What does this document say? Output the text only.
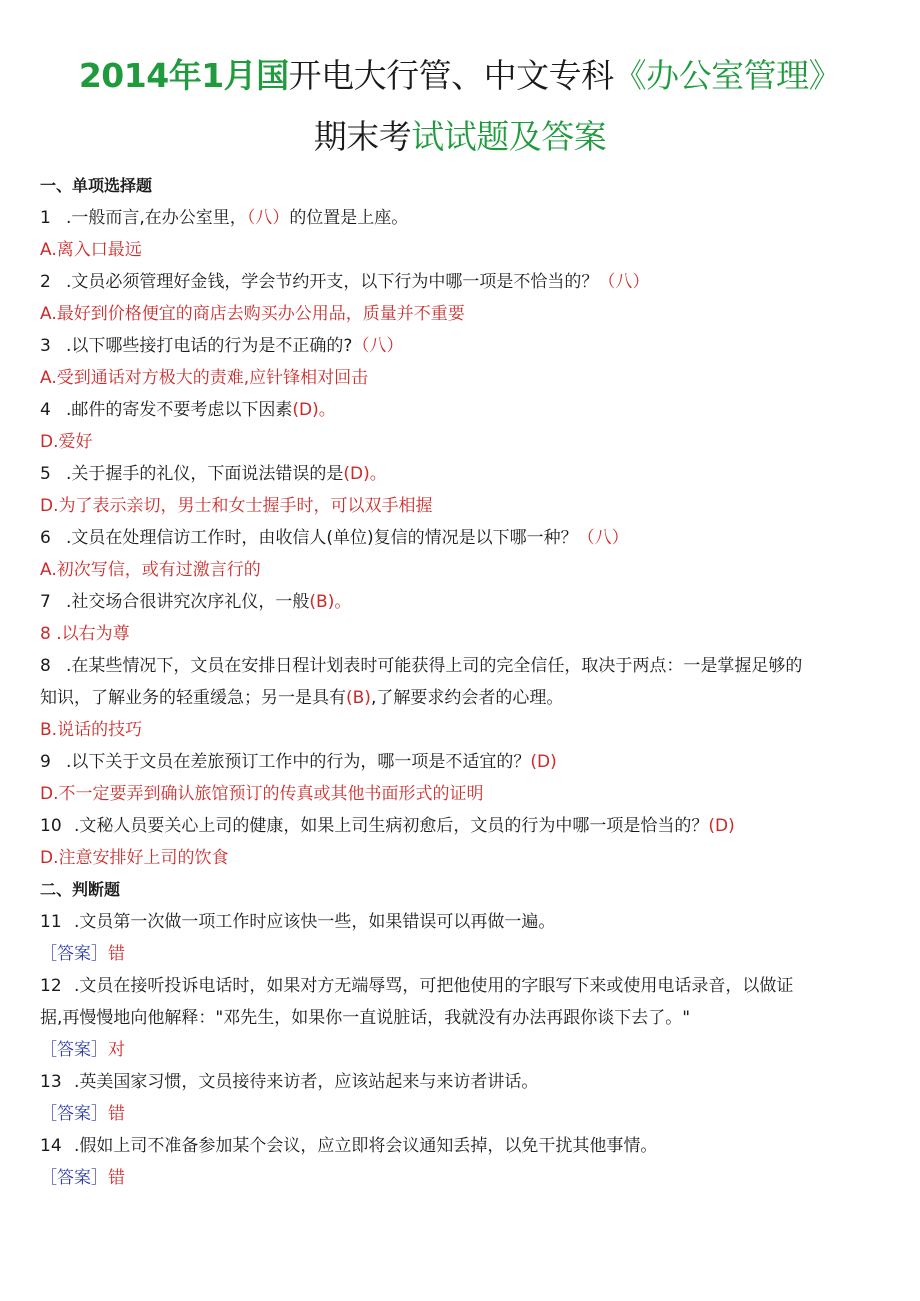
2014年1月国开电大行管、中文专科《办公室管理》
期末考试试题及答案
一、单项选择题
1 .一般而言,在办公室里，（八）的位置是上座。
A.离入口最远
2 .文员必须管理好金钱，学会节约开支，以下行为中哪一项是不恰当的？（八）
A.最好到价格便宜的商店去购买办公用品，质量并不重要
3 .以下哪些接打电话的行为是不正确的?（八）
A.受到通话对方极大的责难,应针锋相对回击
4 .邮件的寄发不要考虑以下因素(D)。
D.爱好
5 .关于握手的礼仪，下面说法错误的是(D)。
D.为了表示亲切，男士和女士握手时，可以双手相握
6 .文员在处理信访工作时，由收信人(单位)复信的情况是以下哪一种？（八）
A.初次写信，或有过激言行的
7 .社交场合很讲究次序礼仪，一般(B)。
8 .以右为尊
8 .在某些情况下，文员在安排日程计划表时可能获得上司的完全信任，取决于两点：一是掌握足够的
知识，了解业务的轻重缓急；另一是具有(B),了解要求约会者的心理。
B.说话的技巧
9 .以下关于文员在差旅预订工作中的行为，哪一项是不适宜的？(D)
D.不一定要弄到确认旅馆预订的传真或其他书面形式的证明
10 .文秘人员要关心上司的健康，如果上司生病初愈后，文员的行为中哪一项是恰当的？(D)
D.注意安排好上司的饮食
二、判断题
11 .文员第一次做一项工作时应该快一些，如果错误可以再做一遍。
［答案］错
12 .文员在接听投诉电话时，如果对方无端辱骂，可把他使用的字眼写下来或使用电话录音，以做证
据,再慢慢地向他解释："邓先生，如果你一直说脏话，我就没有办法再跟你谈下去了。"
［答案］对
13 .英美国家习惯，文员接待来访者，应该站起来与来访者讲话。
［答案］错
14 .假如上司不准备参加某个会议，应立即将会议通知丢掉，以免干扰其他事情。
［答案］错
